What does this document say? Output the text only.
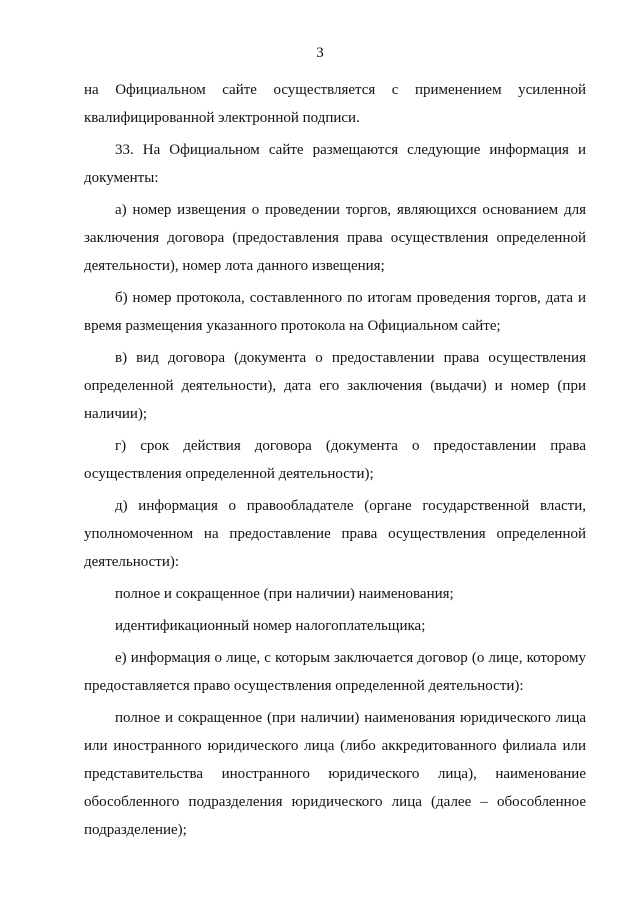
3

на Официальном сайте осуществляется с применением усиленной квалифицированной электронной подписи.

33. На Официальном сайте размещаются следующие информация и документы:

а) номер извещения о проведении торгов, являющихся основанием для заключения договора (предоставления права осуществления определенной деятельности), номер лота данного извещения;

б) номер протокола, составленного по итогам проведения торгов, дата и время размещения указанного протокола на Официальном сайте;

в) вид договора (документа о предоставлении права осуществления определенной деятельности), дата его заключения (выдачи) и номер (при наличии);

г) срок действия договора (документа о предоставлении права осуществления определенной деятельности);

д) информация о правообладателе (органе государственной власти, уполномоченном на предоставление права осуществления определенной деятельности):

полное и сокращенное (при наличии) наименования;

идентификационный номер налогоплательщика;

е) информация о лице, с которым заключается договор (о лице, которому предоставляется право осуществления определенной деятельности):

полное и сокращенное (при наличии) наименования юридического лица или иностранного юридического лица (либо аккредитованного филиала или представительства иностранного юридического лица), наименование обособленного подразделения юридического лица (далее – обособленное подразделение);
